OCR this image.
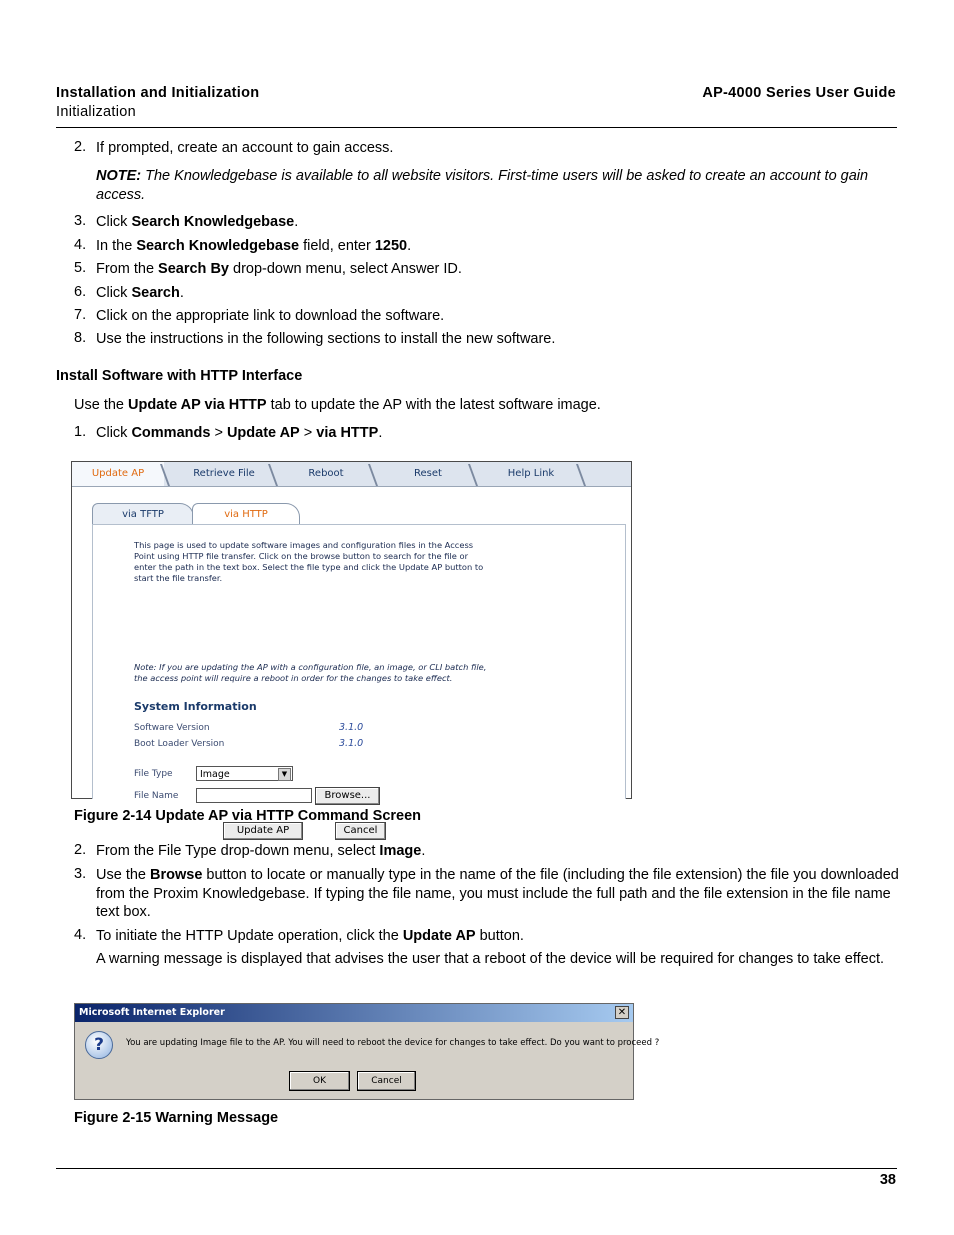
Installation and Initialization
Initialization
AP-4000 Series User Guide
2. If prompted, create an account to gain access.
NOTE: The Knowledgebase is available to all website visitors. First-time users will be asked to create an account to gain access.
3. Click Search Knowledgebase.
4. In the Search Knowledgebase field, enter 1250.
5. From the Search By drop-down menu, select Answer ID.
6. Click Search.
7. Click on the appropriate link to download the software.
8. Use the instructions in the following sections to install the new software.
Install Software with HTTP Interface
Use the Update AP via HTTP tab to update the AP with the latest software image.
1. Click Commands > Update AP > via HTTP.
Update AP	Retrieve File	Reboot	Reset	Help Link
via TFTP	via HTTP
This page is used to update software images and configuration files in the Access
Point using HTTP file transfer. Click on the browse button to search for the file or
enter the path in the text box. Select the file type and click the Update AP button to
start the file transfer.
Note: If you are updating the AP with a configuration file, an image, or CLI batch file,
the access point will require a reboot in order for the changes to take effect.
System Information
Software Version	3.1.0
Boot Loader Version	3.1.0
File Type	Image	▼
File Name	Browse...
Update AP	Cancel
Figure 2-14 Update AP via HTTP Command Screen
2. From the File Type drop-down menu, select Image.
3. Use the Browse button to locate or manually type in the name of the file (including the file extension) the file you downloaded from the Proxim Knowledgebase. If typing the file name, you must include the full path and the file extension in the file name text box.
4. To initiate the HTTP Update operation, click the Update AP button.
A warning message is displayed that advises the user that a reboot of the device will be required for changes to take effect.
Microsoft Internet Explorer	✕
?	You are updating Image file to the AP. You will need to reboot the device for changes to take effect. Do you want to proceed ?
OK	Cancel
Figure 2-15 Warning Message
38
